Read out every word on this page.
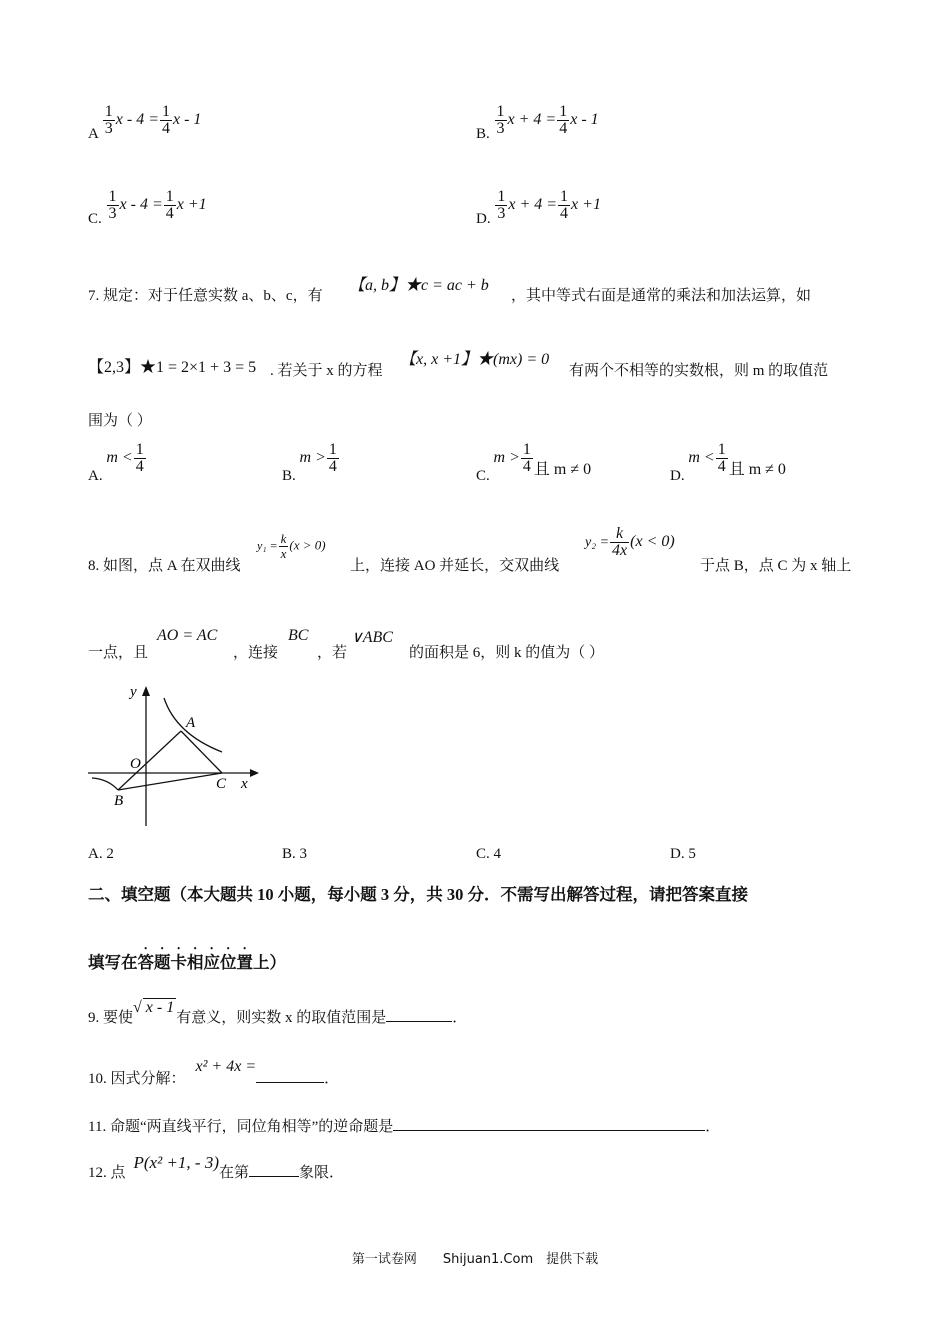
A $\frac{1}{3}$ $x - 4 = \frac{1}{4}$ x - 1
B. $\frac{1}{3}$ $x + 4 = \frac{1}{4}$ x - 1
C. $\frac{1}{3}$ $x - 4 = \frac{1}{4}$ x +1
D. $\frac{1}{3}$ $x + 4 = \frac{1}{4}$ x +1
7. 规定：对于任意实数 a、b、c，有
【a, b】★c = ac + b
，其中等式右面是通常的乘法和加法运算，如
【2,3】★1 = 2×1 + 3 = 5 . 若关于 x 的方程
【x, x +1】★(mx) = 0
有两个不相等的实数根，则 m 的取值范
围为（ ）
A. $m < \frac{1}{4}$
B. $m > \frac{1}{4}$
C. $m > \frac{1}{4}$ 且 m ≠ 0	D. $m < \frac{1}{4}$ 且 m ≠ 0
8. 如图，点 A 在双曲线
$y_1 = \frac{k}{x} (x > 0)$
上，连接 AO 并延长，交双曲线
$y_2 = \frac{k}{4x} (x < 0)$
于点 B，点 C 为 x 轴上
一点，且
AO = AC
，连接
BC
，若
∨ABC
的面积是 6，则 k 的值为（ ）
y
x
O
A
B
C
A. 2	B. 3	C. 4	D. 5
二、填空题（本大题共 10 小题，每小题 3 分，共 30 分．不需写出解答过程，请把答案直接
填写在答题卡相应位置上）
9. 要使√ x - 1有意义，则实数 x 的取值范围是	．
10. 因式分解：x² + 4x =．
11. 命题“两直线平行，同位角相等”的逆命题是	．
12. 点P(x² +1, - 3)在第	象限．
第一试卷网　　Shijuan1.Com　提供下载
